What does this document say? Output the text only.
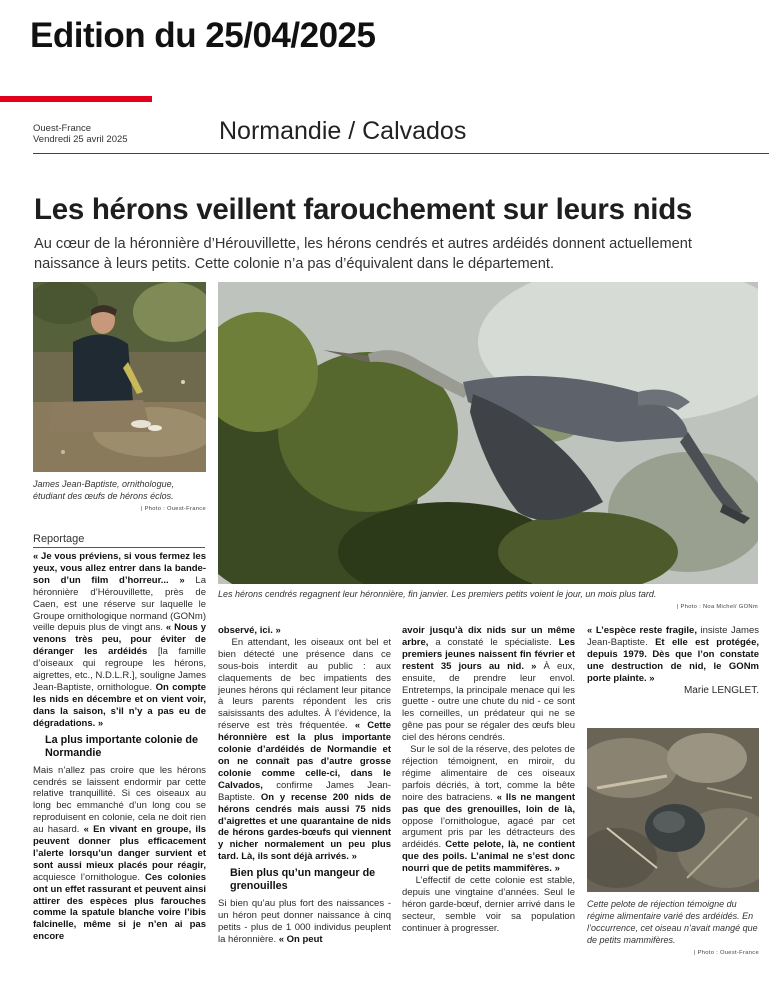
Edition du 25/04/2025
Ouest-France
Vendredi 25 avril 2025	Normandie / Calvados
Les hérons veillent farouchement sur leurs nids

Au cœur de la héronnière d’Hérouvillette, les hérons cendrés et autres ardéidés donnent actuellement naissance à leurs petits. Cette colonie n’a pas d’équivalent dans le département.

James Jean-Baptiste, ornithologue, étudiant des œufs de hérons éclos.
| Photo : Ouest-France
Les hérons cendrés regagnent leur héronnière, fin janvier. Les premiers petits voient le jour, un mois plus tard.
| Photo : Noa Michel/ GONm
Reportage

« Je vous préviens, si vous fermez les yeux, vous allez entrer dans la bande-son d’un film d’horreur... » La héronnière d’Hérouvillette, près de Caen, est une réserve sur laquelle le Groupe ornithologique normand (GONm) veille depuis plus de vingt ans. « Nous y venons très peu, pour éviter de déranger les ardéidés [la famille d’oiseaux qui regroupe les hérons, aigrettes, etc., N.D.L.R.], souligne James Jean-Baptiste, ornithologue. On compte les nids en décembre et on vient voir, dans la saison, s’il n’y a pas eu de dégradations. »

La plus importante colonie de Normandie

Mais n’allez pas croire que les hérons cendrés se laissent endormir par cette relative tranquillité. Si ces oiseaux au long bec emmanché d’un long cou se reproduisent en colonie, cela ne doit rien au hasard. « En vivant en groupe, ils peuvent donner plus efficacement l’alerte lorsqu’un danger survient et sont aussi mieux placés pour réagir, acquiesce l’ornithologue. Ces colonies ont un effet rassurant et peuvent ainsi attirer des espèces plus farouches comme la spatule blanche voire l’ibis falcinelle, même si je n’en ai pas encore

observé, ici. »

En attendant, les oiseaux ont bel et bien détecté une présence dans ce sous-bois interdit au public : aux claquements de bec impatients des jeunes hérons qui réclament leur pitance à leurs parents répondent les cris saisissants des adultes. À l’évidence, la réserve est très fréquentée. « Cette héronnière est la plus importante colonie d’ardéidés de Normandie et on ne connaît pas d’autre grosse colonie comme celle-ci, dans le Calvados, confirme James Jean-Baptiste. On y recense 200 nids de hérons cendrés mais aussi 75 nids d’aigrettes et une quarantaine de nids de hérons gardes-bœufs qui viennent y nicher normalement un peu plus tard. Là, ils sont déjà arrivés. »

Bien plus qu’un mangeur de grenouilles

Si bien qu’au plus fort des naissances - un héron peut donner naissance à cinq petits - plus de 1 000 individus peuplent la héronnière. « On peut

avoir jusqu’à dix nids sur un même arbre, a constaté le spécialiste. Les premiers jeunes naissent fin février et restent 35 jours au nid. » À eux, ensuite, de prendre leur envol. Entretemps, la principale menace qui les guette - outre une chute du nid - ce sont les corneilles, un prédateur qui ne se gêne pas pour se régaler des œufs bleu ciel des hérons cendrés.

Sur le sol de la réserve, des pelotes de réjection témoignent, en miroir, du régime alimentaire de ces oiseaux parfois décriés, à tort, comme la bête noire des batraciens. « Ils ne mangent pas que des grenouilles, loin de là, oppose l’ornithologue, agacé par cet argument pris par les détracteurs des ardéidés. Cette pelote, là, ne contient que des poils. L’animal ne s’est donc nourri que de petits mammifères. »

L’effectif de cette colonie est stable, depuis une vingtaine d’années. Seul le héron garde-bœuf, dernier arrivé dans le secteur, semble voir sa population continuer à progresser.

« L’espèce reste fragile, insiste James Jean-Baptiste. Et elle est protégée, depuis 1979. Dès que l’on constate une destruction de nid, le GONm porte plainte. »

Marie LENGLET.

Cette pelote de réjection témoigne du régime alimentaire varié des ardéidés. En l’occurrence, cet oiseau n’avait mangé que de petits mammifères.
| Photo : Ouest-France
